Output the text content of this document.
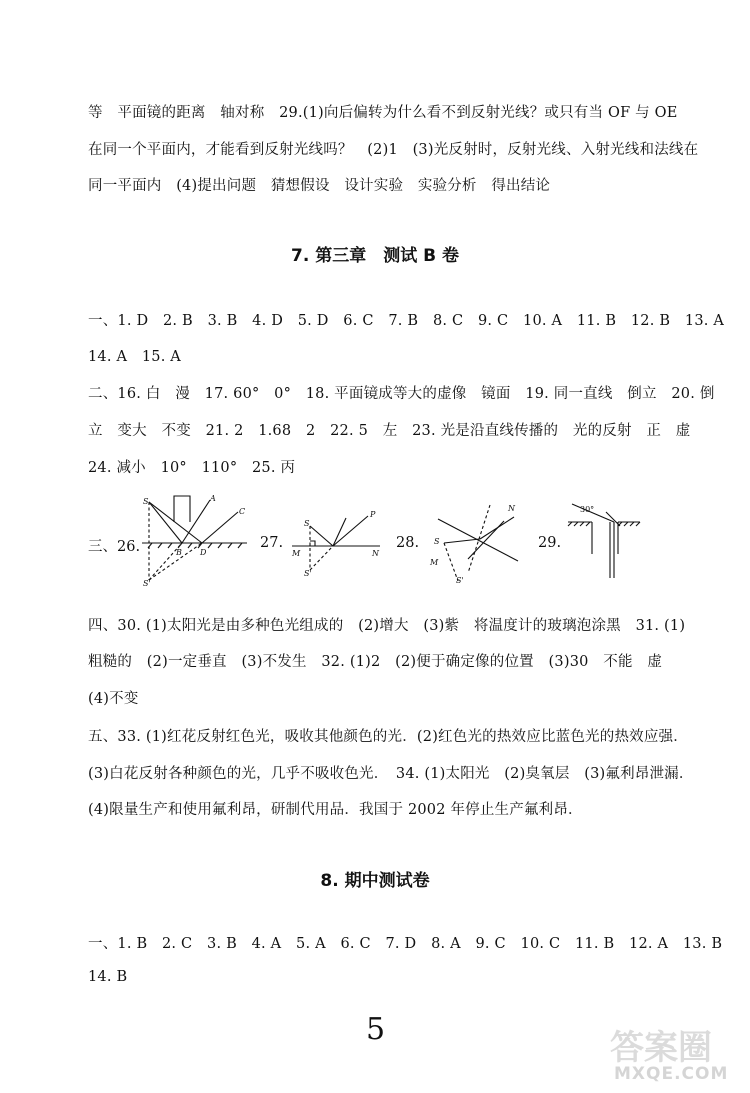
等　平面镜的距离　轴对称　29.(1)向后偏转为什么看不到反射光线？或只有当 OF 与 OE
在同一个平面内，才能看到反射光线吗？　(2)1　(3)光反射时，反射光线、入射光线和法线在
同一平面内　(4)提出问题　猜想假设　设计实验　实验分析　得出结论
7. 第三章　测试 B 卷
一、1. D　2. B　3. B　4. D　5. D　6. C　7. B　8. C　9. C　10. A　11. B　12. B　13. A
14. A　15. A
二、16. 白　漫　17. 60°　0°　18. 平面镜成等大的虚像　镜面　19. 同一直线　倒立　20. 倒
立　变大　不变　21. 2　1.68　2　22. 5　左　23. 光是沿直线传播的　光的反射　正　虚
24. 减小　10°　110°　25. 丙
三、26.
S	A
C
B D
S'
27.
S
P
M	N
S'
28.
N
S
M
S'
29.
30°
四、30. (1)太阳光是由多种色光组成的　(2)增大　(3)紫　将温度计的玻璃泡涂黑　31. (1)
粗糙的　(2)一定垂直　(3)不发生　32. (1)2　(2)便于确定像的位置　(3)30　不能　虚
(4)不变
五、33. (1)红花反射红色光，吸收其他颜色的光．(2)红色光的热效应比蓝色光的热效应强．
(3)白花反射各种颜色的光，几乎不吸收色光．　34. (1)太阳光　(2)臭氧层　(3)氟利昂泄漏．
(4)限量生产和使用氟利昂，研制代用品．我国于 2002 年停止生产氟利昂．
8. 期中测试卷
一、1. B　2. C　3. B　4. A　5. A　6. C　7. D　8. A　9. C　10. C　11. B　12. A　13. B
14. B
5	答案圈
MXQE.COM
